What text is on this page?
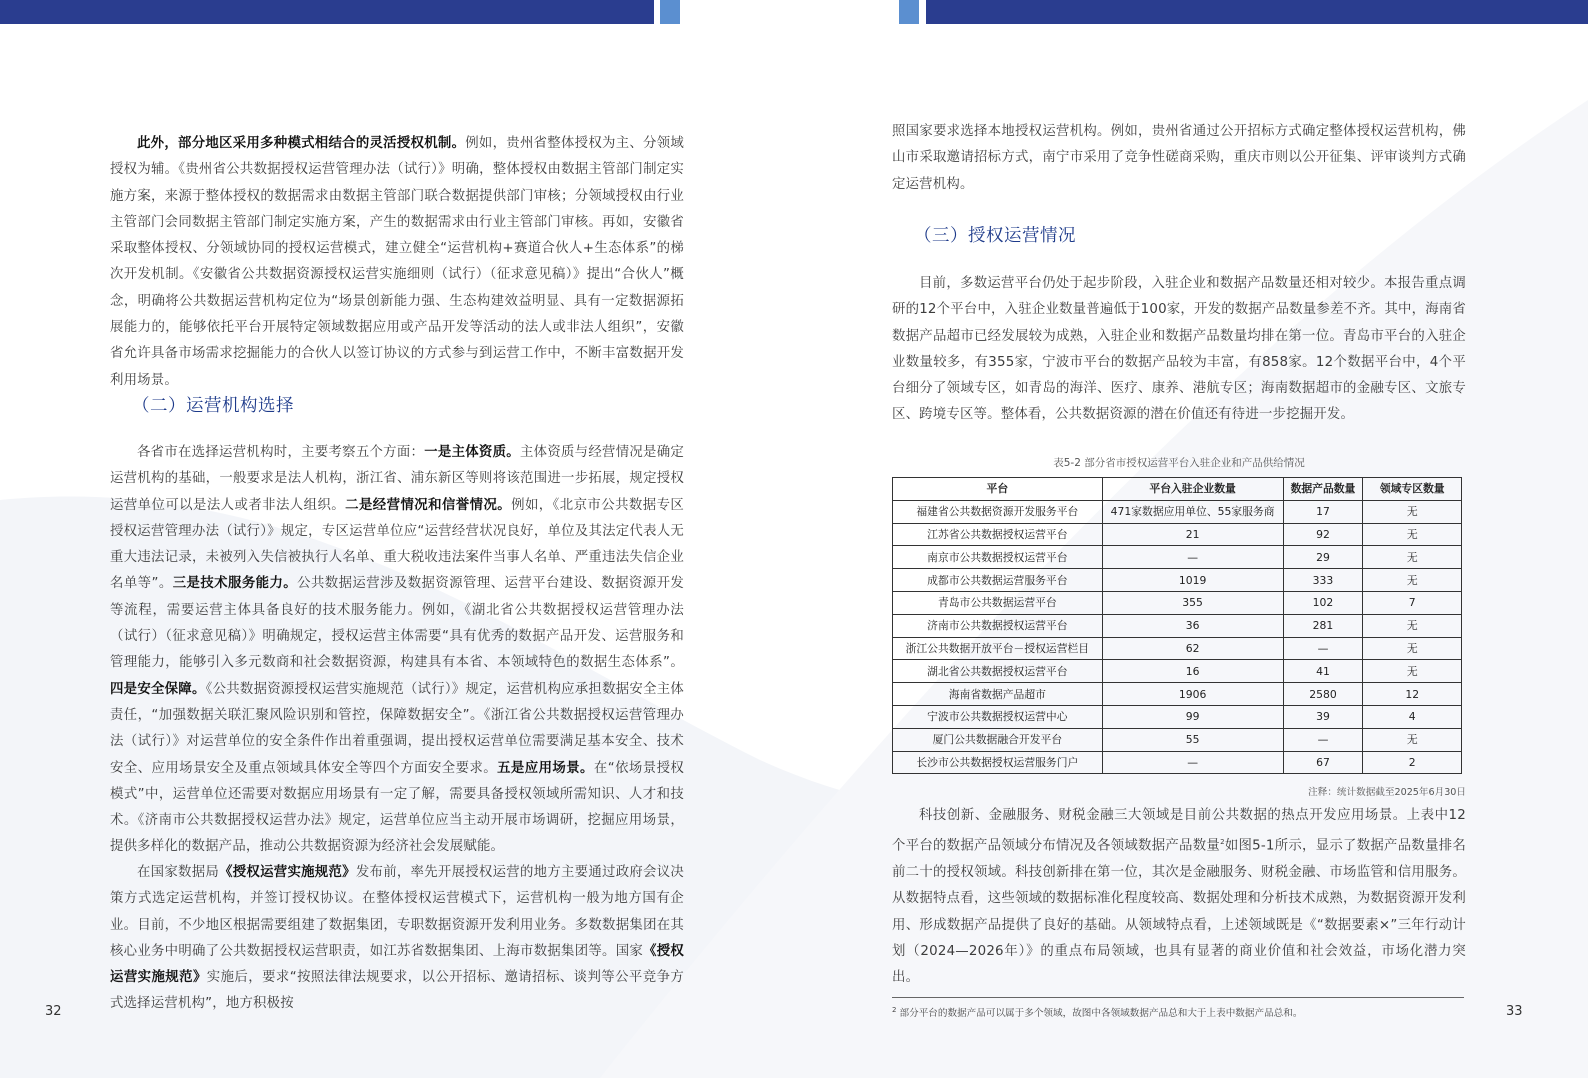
此外，部分地区采用多种模式相结合的灵活授权机制。例如，贵州省整体授权为主、分领域授权为辅。《贵州省公共数据授权运营管理办法（试行）》明确，整体授权由数据主管部门制定实施方案，来源于整体授权的数据需求由数据主管部门联合数据提供部门审核；分领域授权由行业主管部门会同数据主管部门制定实施方案，产生的数据需求由行业主管部门审核。再如，安徽省采取整体授权、分领域协同的授权运营模式，建立健全“运营机构+赛道合伙人+生态体系”的梯次开发机制。《安徽省公共数据资源授权运营实施细则（试行）（征求意见稿）》提出“合伙人”概念，明确将公共数据运营机构定位为“场景创新能力强、生态构建效益明显、具有一定数据源拓展能力的，能够依托平台开展特定领域数据应用或产品开发等活动的法人或非法人组织”，安徽省允许具备市场需求挖掘能力的合伙人以签订协议的方式参与到运营工作中，不断丰富数据开发利用场景。

（二）运营机构选择

各省市在选择运营机构时，主要考察五个方面：一是主体资质。主体资质与经营情况是确定运营机构的基础，一般要求是法人机构，浙江省、浦东新区等则将该范围进一步拓展，规定授权运营单位可以是法人或者非法人组织。二是经营情况和信誉情况。例如，《北京市公共数据专区授权运营管理办法（试行）》规定，专区运营单位应“运营经营状况良好，单位及其法定代表人无重大违法记录，未被列入失信被执行人名单、重大税收违法案件当事人名单、严重违法失信企业名单等”。三是技术服务能力。公共数据运营涉及数据资源管理、运营平台建设、数据资源开发等流程，需要运营主体具备良好的技术服务能力。例如，《湖北省公共数据授权运营管理办法（试行）（征求意见稿）》明确规定，授权运营主体需要“具有优秀的数据产品开发、运营服务和管理能力，能够引入多元数商和社会数据资源，构建具有本省、本领域特色的数据生态体系”。四是安全保障。《公共数据资源授权运营实施规范（试行）》规定，运营机构应承担数据安全主体责任，“加强数据关联汇聚风险识别和管控，保障数据安全”。《浙江省公共数据授权运营管理办法（试行）》对运营单位的安全条件作出着重强调，提出授权运营单位需要满足基本安全、技术安全、应用场景安全及重点领域具体安全等四个方面安全要求。五是应用场景。在“依场景授权模式”中，运营单位还需要对数据应用场景有一定了解，需要具备授权领域所需知识、人才和技术。《济南市公共数据授权运营办法》规定，运营单位应当主动开展市场调研，挖掘应用场景，提供多样化的数据产品，推动公共数据资源为经济社会发展赋能。

在国家数据局《授权运营实施规范》发布前，率先开展授权运营的地方主要通过政府会议决策方式选定运营机构，并签订授权协议。在整体授权运营模式下，运营机构一般为地方国有企业。目前，不少地区根据需要组建了数据集团，专职数据资源开发利用业务。多数数据集团在其核心业务中明确了公共数据授权运营职责，如江苏省数据集团、上海市数据集团等。国家《授权运营实施规范》实施后，要求“按照法律法规要求，以公开招标、邀请招标、谈判等公平竞争方式选择运营机构”，地方积极按

32

照国家要求选择本地授权运营机构。例如，贵州省通过公开招标方式确定整体授权运营机构，佛山市采取邀请招标方式，南宁市采用了竞争性磋商采购，重庆市则以公开征集、评审谈判方式确定运营机构。

（三）授权运营情况

目前，多数运营平台仍处于起步阶段，入驻企业和数据产品数量还相对较少。本报告重点调研的12个平台中，入驻企业数量普遍低于100家，开发的数据产品数量参差不齐。其中，海南省数据产品超市已经发展较为成熟，入驻企业和数据产品数量均排在第一位。青岛市平台的入驻企业数量较多，有355家，宁波市平台的数据产品较为丰富，有858家。12个数据平台中，4个平台细分了领域专区，如青岛的海洋、医疗、康养、港航专区；海南数据超市的金融专区、文旅专区、跨境专区等。整体看，公共数据资源的潜在价值还有待进一步挖掘开发。

表5-2 部分省市授权运营平台入驻企业和产品供给情况
平台	平台入驻企业数量	数据产品数量	领域专区数量
福建省公共数据资源开发服务平台	471家数据应用单位、55家服务商	17	无
江苏省公共数据授权运营平台	21	92	无
南京市公共数据授权运营平台	—	29	无
成都市公共数据运营服务平台	1019	333	无
青岛市公共数据运营平台	355	102	7
济南市公共数据授权运营平台	36	281	无
浙江公共数据开放平台－授权运营栏目	62	—	无
湖北省公共数据授权运营平台	16	41	无
海南省数据产品超市	1906	2580	12
宁波市公共数据授权运营中心	99	39	4
厦门公共数据融合开发平台	55	—	无
长沙市公共数据授权运营服务门户	—	67	2
注释：统计数据截至2025年6月30日

科技创新、金融服务、财税金融三大领域是目前公共数据的热点开发应用场景。上表中12个平台的数据产品领域分布情况及各领域数据产品数量$^2$如图5-1所示，显示了数据产品数量排名前二十的授权领域。科技创新排在第一位，其次是金融服务、财税金融、市场监管和信用服务。从数据特点看，这些领域的数据标准化程度较高、数据处理和分析技术成熟，为数据资源开发利用、形成数据产品提供了良好的基础。从领域特点看，上述领域既是《“数据要素×”三年行动计划（2024—2026年）》的重点布局领域，也具有显著的商业价值和社会效益，市场化潜力突出。

$^2$ 部分平台的数据产品可以属于多个领域，故图中各领域数据产品总和大于上表中数据产品总和。	33
